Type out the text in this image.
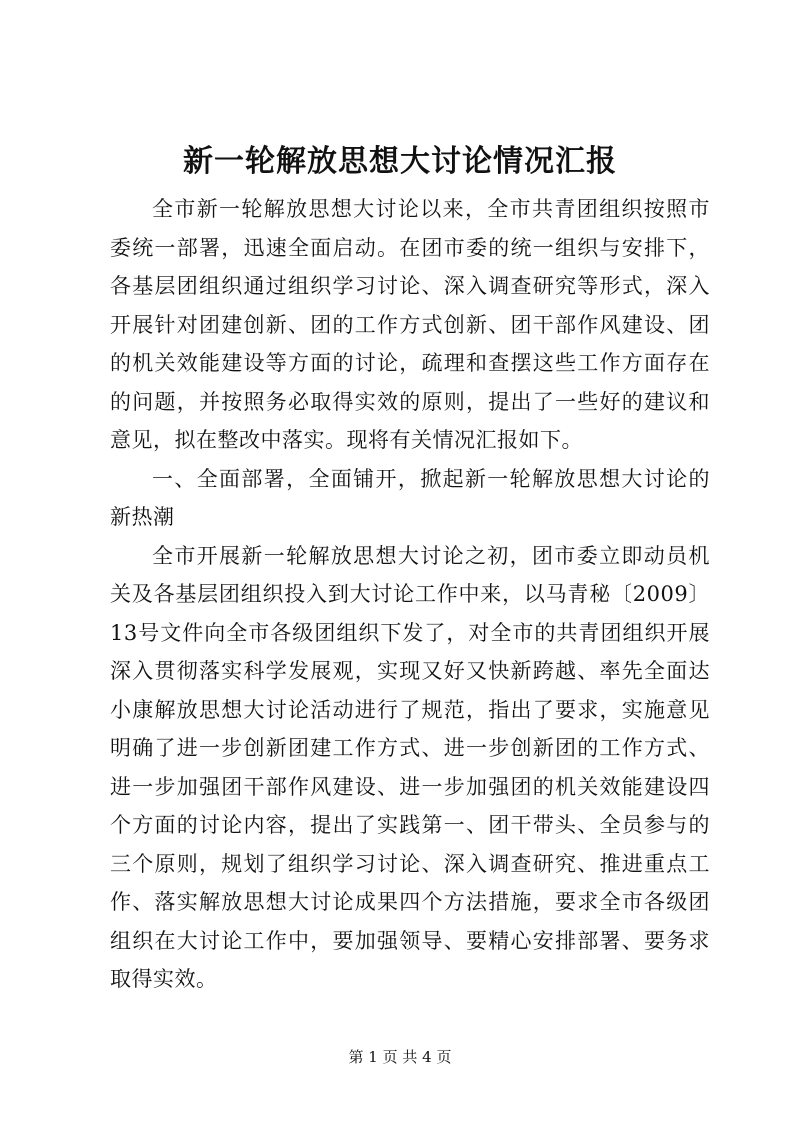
新一轮解放思想大讨论情况汇报

全市新一轮解放思想大讨论以来，全市共青团组织按照市委统一部署，迅速全面启动。在团市委的统一组织与安排下，各基层团组织通过组织学习讨论、深入调查研究等形式，深入开展针对团建创新、团的工作方式创新、团干部作风建设、团的机关效能建设等方面的讨论，疏理和查摆这些工作方面存在的问题，并按照务必取得实效的原则，提出了一些好的建议和意见，拟在整改中落实。现将有关情况汇报如下。

一、全面部署，全面铺开，掀起新一轮解放思想大讨论的新热潮

全市开展新一轮解放思想大讨论之初，团市委立即动员机关及各基层团组织投入到大讨论工作中来，以马青秘〔2009〕13号文件向全市各级团组织下发了，对全市的共青团组织开展深入贯彻落实科学发展观，实现又好又快新跨越、率先全面达小康解放思想大讨论活动进行了规范，指出了要求，实施意见明确了进一步创新团建工作方式、进一步创新团的工作方式、进一步加强团干部作风建设、进一步加强团的机关效能建设四个方面的讨论内容，提出了实践第一、团干带头、全员参与的三个原则，规划了组织学习讨论、深入调查研究、推进重点工作、落实解放思想大讨论成果四个方法措施，要求全市各级团组织在大讨论工作中，要加强领导、要精心安排部署、要务求取得实效。

第 1 页 共 4 页
